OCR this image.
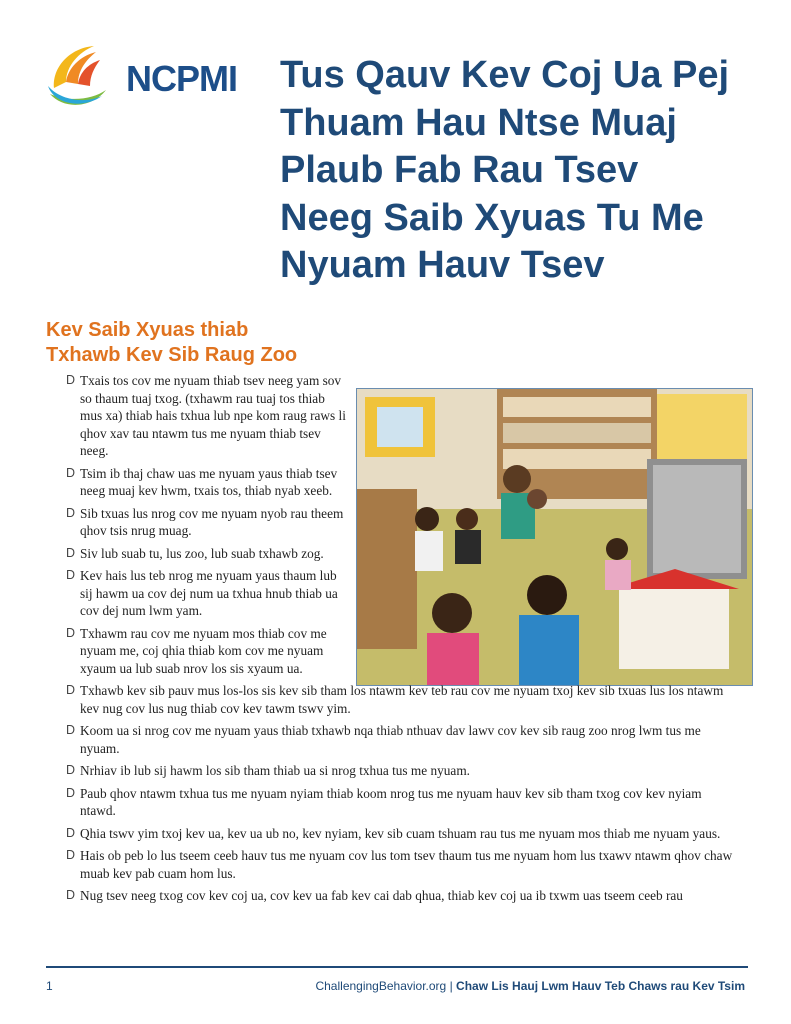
NCPMI Tus Qauv Kev Coj Ua Pej
Thuam Hau Ntse Muaj
Plaub Fab Rau Tsev
Neeg Saib Xyuas Tu Me
Nyuam Hauv Tsev
Kev Saib Xyuas thiab
Txhawb Kev Sib Raug Zoo
D Txais tos cov me nyuam thiab tsev neeg yam sov so thaum tuaj txog. (txhawm rau tuaj tos thiab mus xa) thiab hais txhua lub npe kom raug raws li qhov xav tau ntawm tus me nyuam thiab tsev neeg.
D Tsim ib thaj chaw uas me nyuam yaus thiab tsev neeg muaj kev hwm, txais tos, thiab nyab xeeb.
D Sib txuas lus nrog cov me nyuam nyob rau theem qhov tsis nrug muag.
D Siv lub suab tu, lus zoo, lub suab txhawb zog.
D Kev hais lus teb nrog me nyuam yaus thaum lub sij hawm ua cov dej num ua txhua hnub thiab ua cov dej num lwm yam.
D Txhawm rau cov me nyuam mos thiab cov me nyuam me, coj qhia thiab kom cov me nyuam xyaum ua lub suab nrov los sis xyaum ua.
D Txhawb kev sib pauv mus los-los sis kev sib tham los ntawm kev teb rau cov me nyuam txoj kev sib txuas lus los ntawm kev nug cov lus nug thiab cov kev tawm tswv yim.
D Koom ua si nrog cov me nyuam yaus thiab txhawb nqa thiab nthuav dav lawv cov kev sib raug zoo nrog lwm tus me nyuam.
D Nrhiav ib lub sij hawm los sib tham thiab ua si nrog txhua tus me nyuam.
D Paub qhov ntawm txhua tus me nyuam nyiam thiab koom nrog tus me nyuam hauv kev sib tham txog cov kev nyiam ntawd.
D Qhia tswv yim txoj kev ua, kev ua ub no, kev nyiam, kev sib cuam tshuam rau tus me nyuam mos thiab me nyuam yaus.
D Hais ob peb lo lus tseem ceeb hauv tus me nyuam cov lus tom tsev thaum tus me nyuam hom lus txawv ntawm qhov chaw muab kev pab cuam hom lus.
D Nug tsev neeg txog cov kev coj ua, cov kev ua fab kev cai dab qhua, thiab kev coj ua ib txwm uas tseem ceeb rau
1	ChallengingBehavior.org | Chaw Lis Hauj Lwm Hauv Teb Chaws rau Kev Tsim
